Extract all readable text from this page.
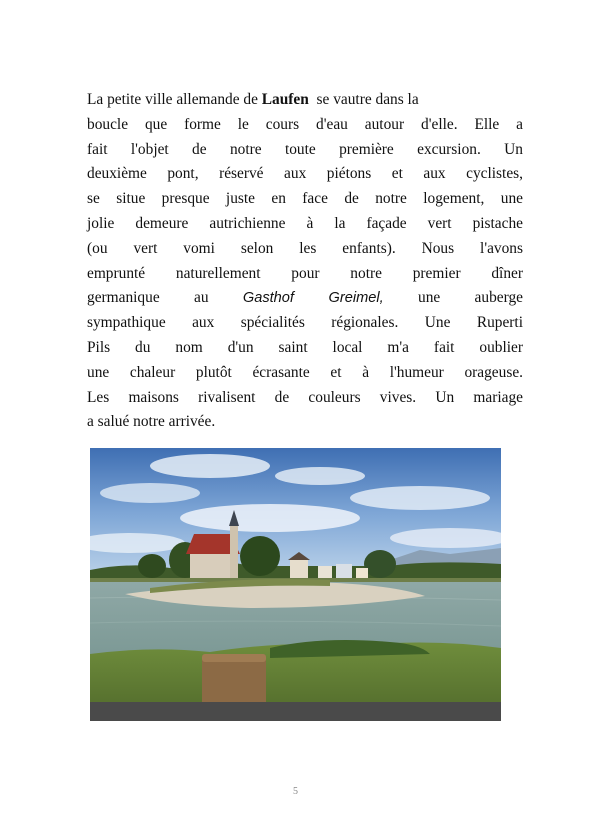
La petite ville allemande de Laufen  se vautre dans la
boucle que forme le cours d'eau autour d'elle. Elle a
fait l'objet de notre toute première excursion. Un
deuxième pont, réservé aux piétons et aux cyclistes,
se situe presque juste en face de notre logement, une
jolie demeure autrichienne à la façade vert pistache
(ou vert vomi selon les enfants). Nous l'avons
emprunté naturellement pour notre premier dîner
germanique au Gasthof Greimel, une auberge
sympathique aux spécialités régionales. Une Ruperti
Pils du nom d'un saint local m'a fait oublier
une chaleur plutôt écrasante et à l'humeur orageuse.
Les maisons rivalisent de couleurs vives. Un mariage
a salué notre arrivée.
5
